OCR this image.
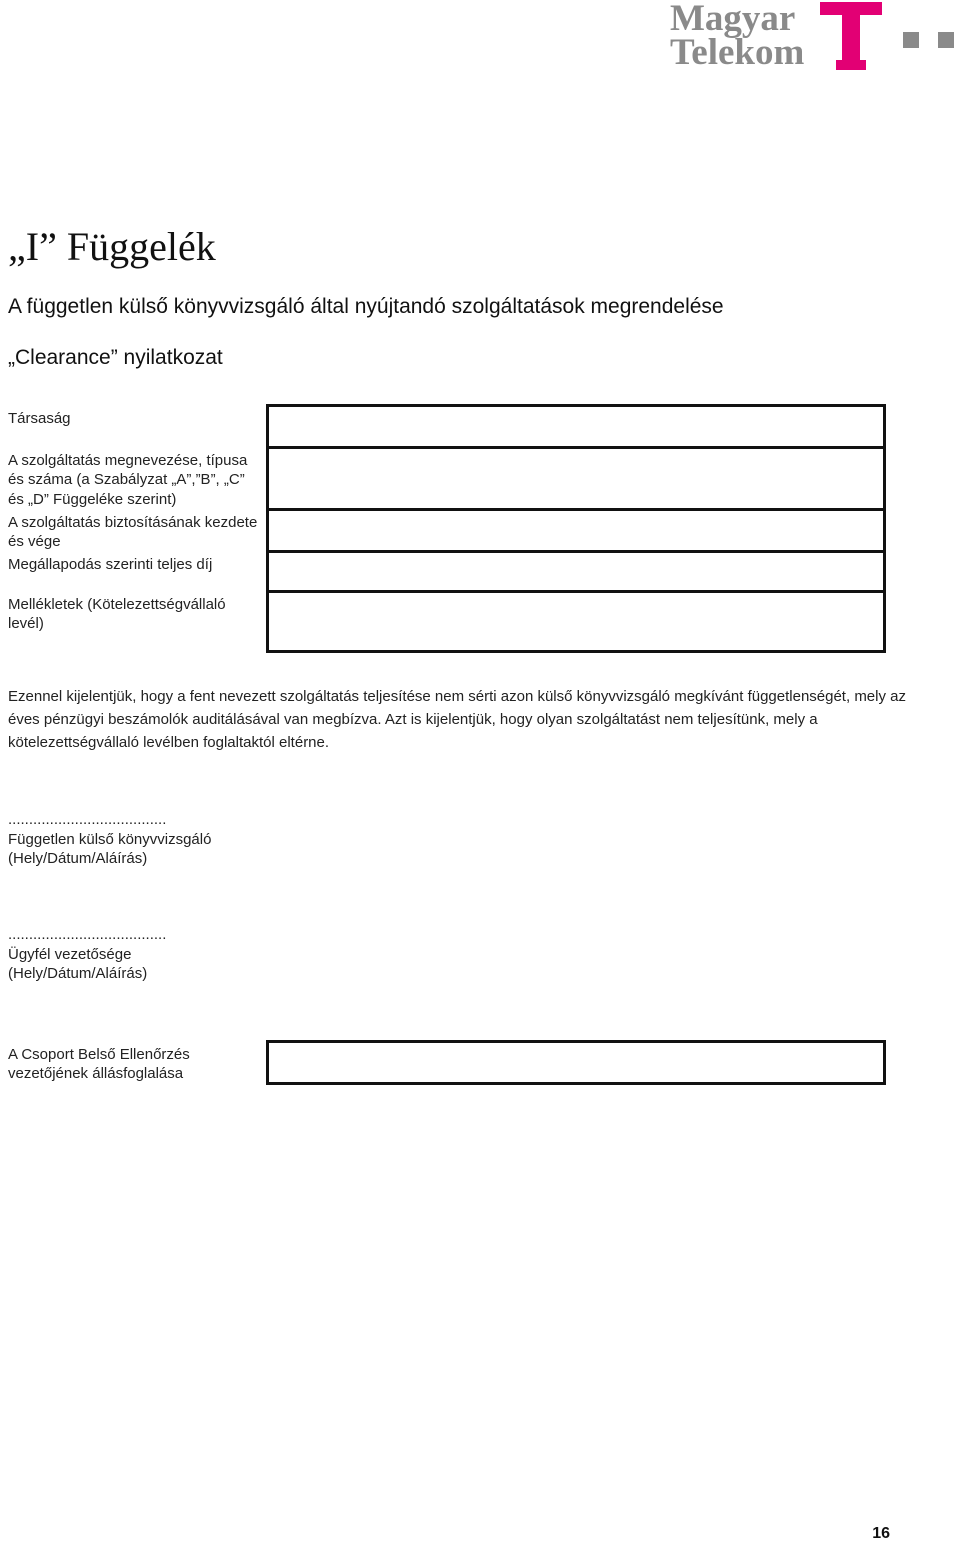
Magyar
Telekom
„I” Függelék
A független külső könyvvizsgáló által nyújtandó szolgáltatások megrendelése
„Clearance” nyilatkozat
Társaság	
A szolgáltatás megnevezése, típusa és száma (a Szabályzat „A”,”B”, „C” és „D” Függeléke szerint)	
A szolgáltatás biztosításának kezdete és vége	
Megállapodás szerinti teljes díj	
Mellékletek (Kötelezettségvállaló levél)	

Ezennel kijelentjük, hogy a fent nevezett szolgáltatás teljesítése nem sérti azon külső könyvvizsgáló megkívánt függetlenségét, mely az éves pénzügyi beszámolók auditálásával van megbízva. Azt is kijelentjük, hogy olyan szolgáltatást nem teljesítünk, mely a kötelezettségvállaló levélben foglaltaktól eltérne.

......................................
Független külső könyvvizsgáló
(Hely/Dátum/Aláírás)
......................................
Ügyfél vezetősége
(Hely/Dátum/Aláírás)
A Csoport Belső Ellenőrzés vezetőjének állásfoglalása	
16
